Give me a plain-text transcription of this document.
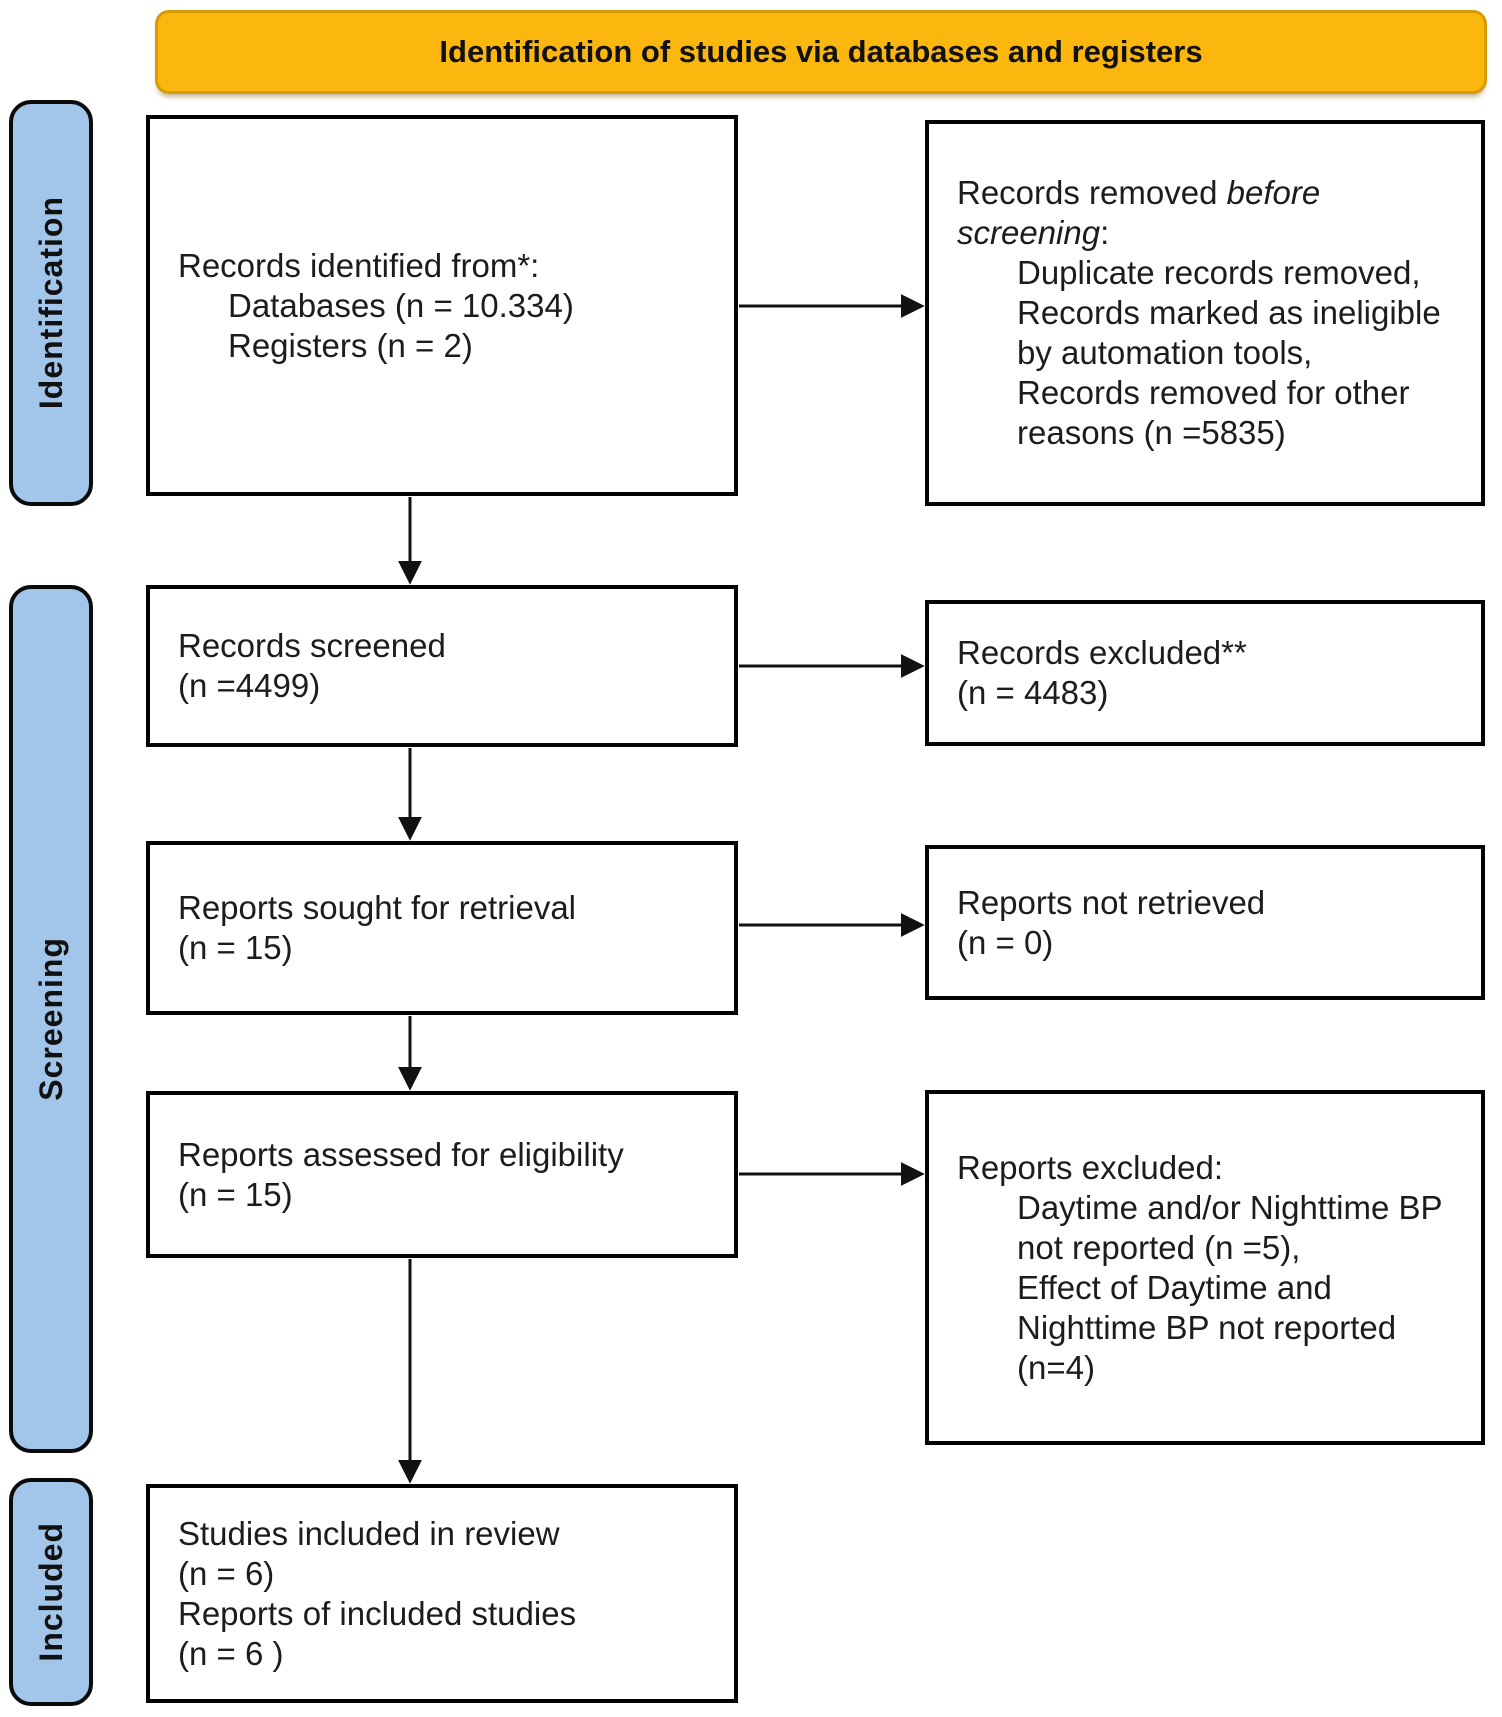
Identification of studies via databases and registers
Identification
Screening
Included
Records identified from*:
Databases (n = 10.334)
Registers (n = 2)
Records removed before screening:
Duplicate records removed,
Records marked as ineligible by automation tools,
Records removed for other reasons (n =5835)
Records screened
(n =4499)
Records excluded**
(n = 4483)
Reports sought for retrieval
(n = 15)
Reports not retrieved
(n = 0)
Reports assessed for eligibility
(n = 15)
Reports excluded:
Daytime and/or Nighttime BP not reported (n =5),
Effect of Daytime and Nighttime BP not reported (n=4)
Studies included in review
(n = 6)
Reports of included studies
(n = 6 )
